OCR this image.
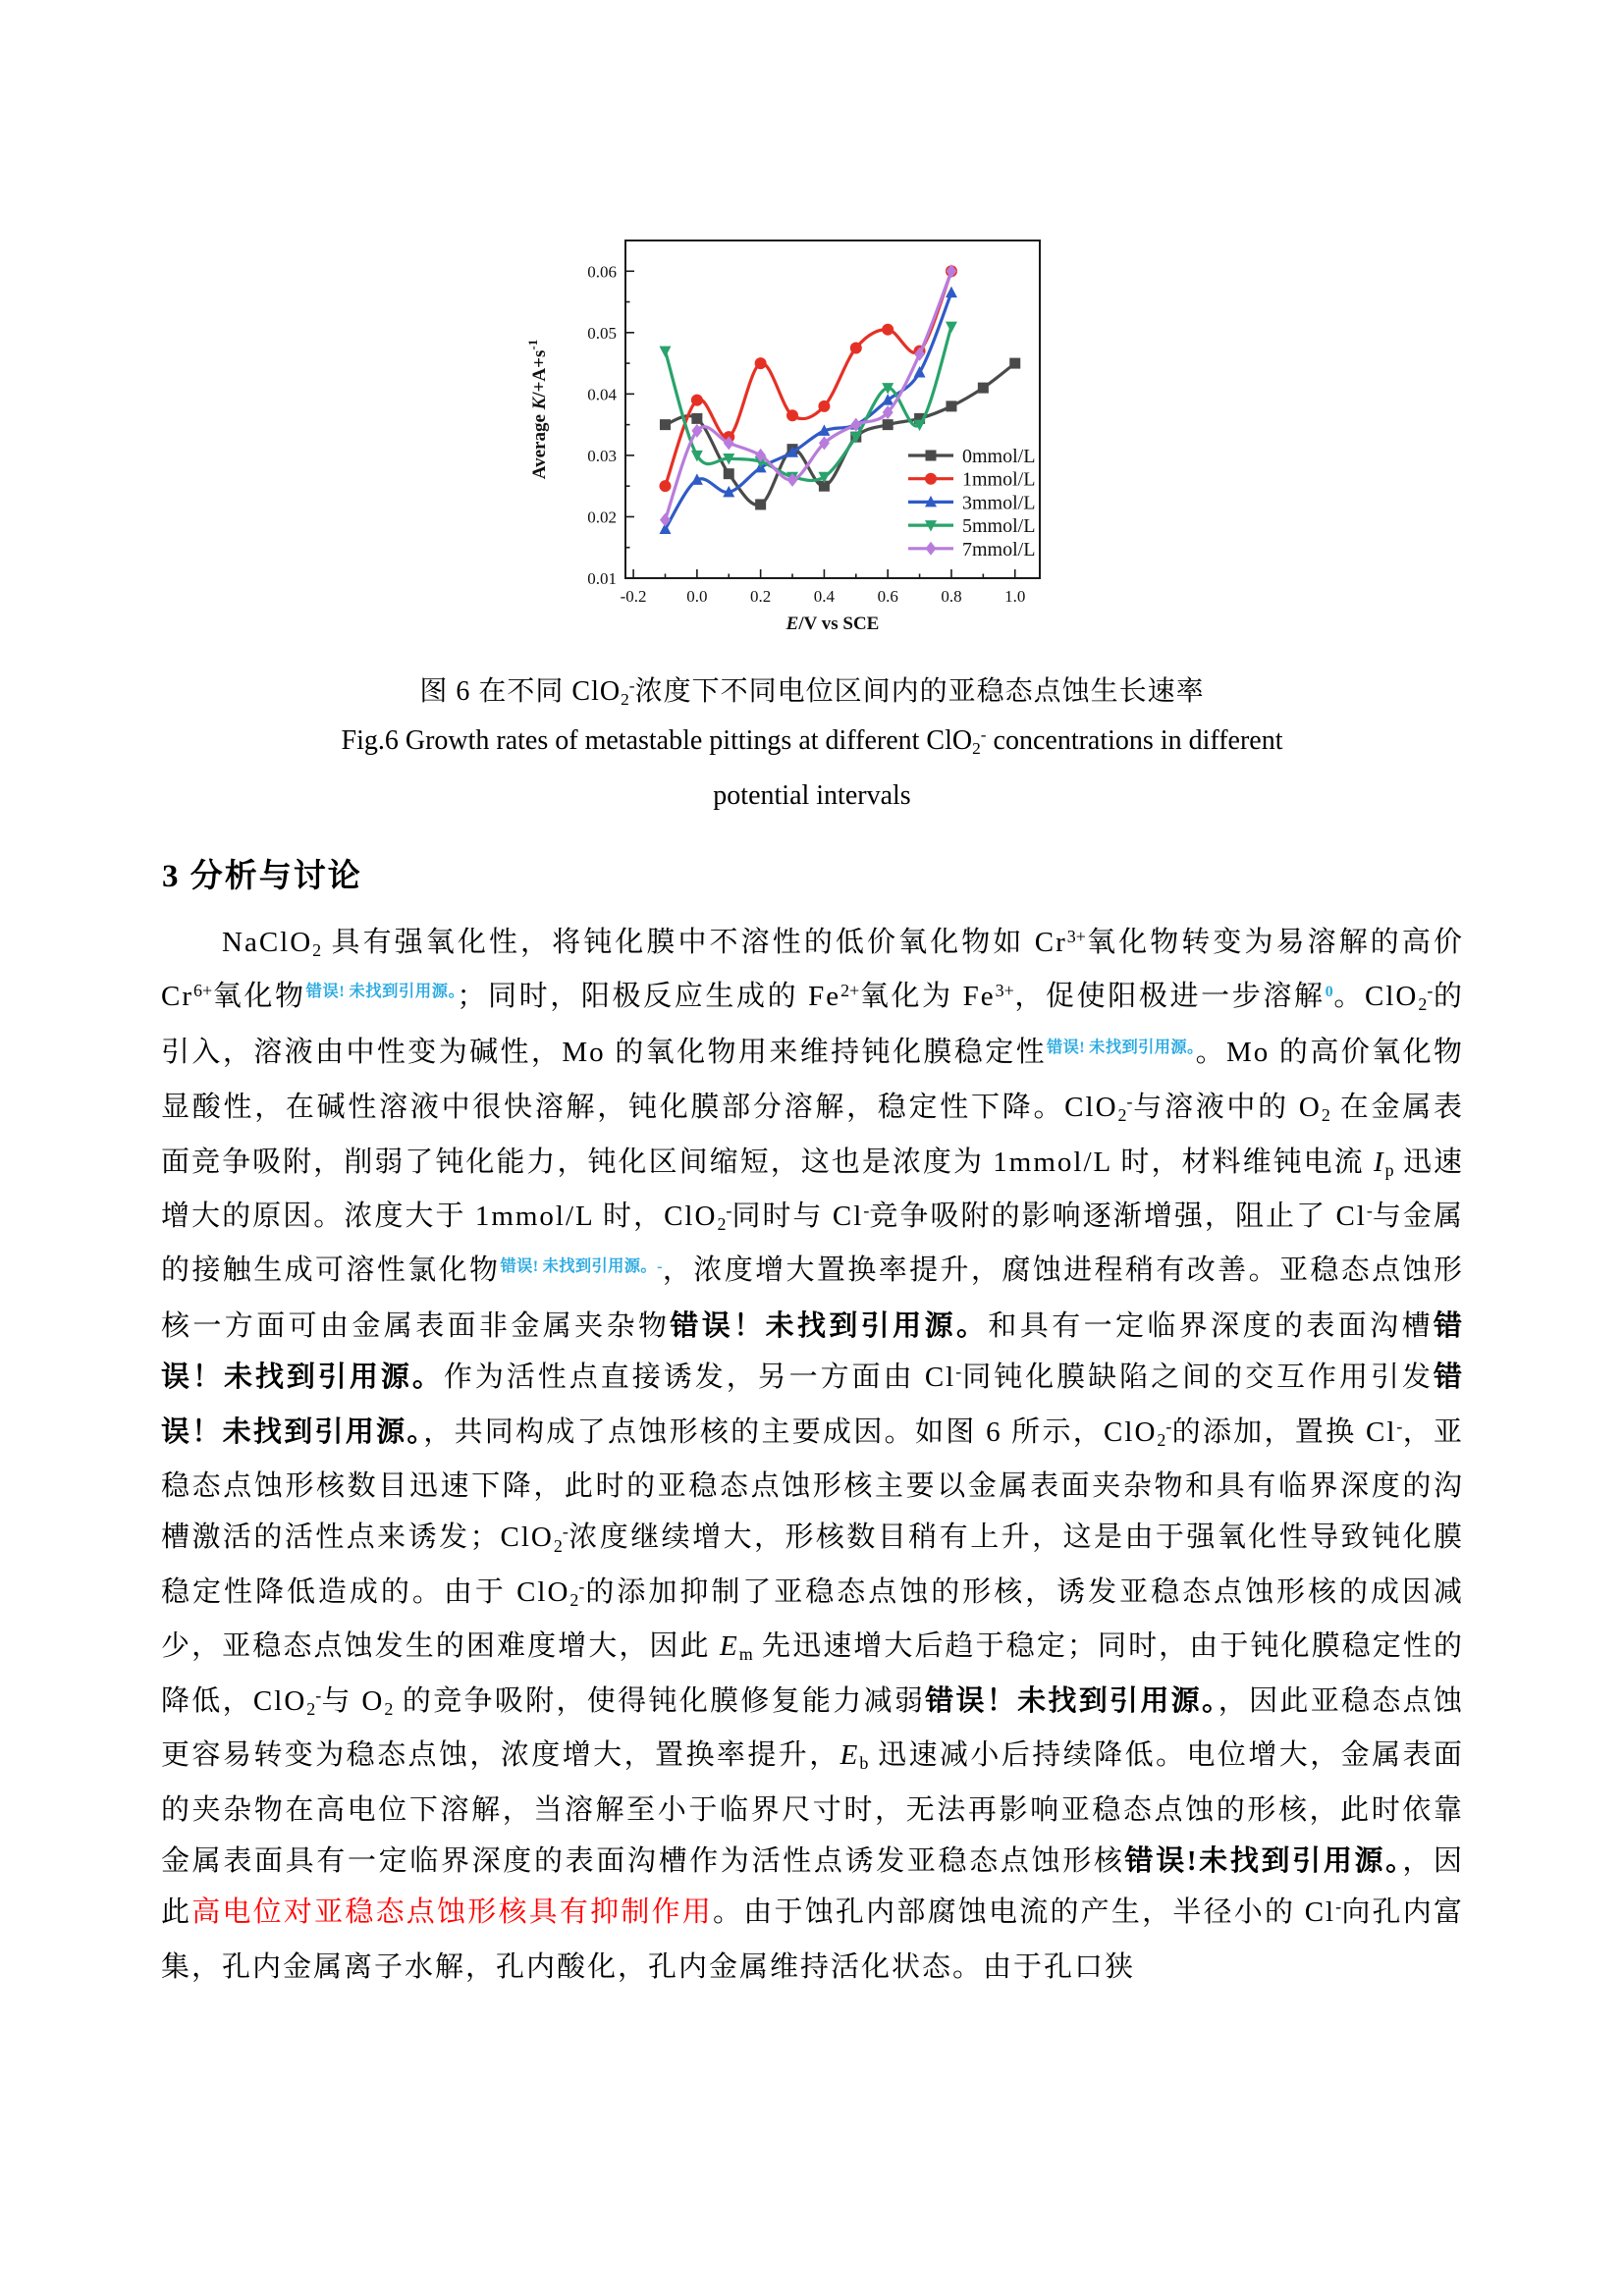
-0.2 0.0	0.2	0.4	0.6	0.8	1.0
0.01
0.02
0.03
0.04
0.05
0.06
E/V vs SCE
Average $K/+A+s^{-1}$
0mmol/L
1mmol/L
3mmol/L
5mmol/L
7mmol/L
图 6 在不同 ClO2-浓度下不同电位区间内的亚稳态点蚀生长速率
Fig.6 Growth rates of metastable pittings at different ClO2- concentrations in different
potential intervals
3 分析与讨论
NaClO2 具有强氧化性，将钝化膜中不溶性的低价氧化物如 $Cr^{3+}$氧化物转变为易溶解的高价 $Cr^{6+}$氧化物$^{错误! 未找到引用源。}$；同时，阳极反应生成的 $Fe^{2+}$氧化为 $Fe^{3+}$，促使阳极进一步溶解$^0$。ClO2-的引入，溶液由中性变为碱性，Mo 的氧化物用来维持钝化膜稳定性$^{错误! 未找到引用源。}$。Mo 的高价氧化物显酸性，在碱性溶液中很快溶解，钝化膜部分溶解，稳定性下降。ClO2-与溶液中的 O2 在金属表面竞争吸附，削弱了钝化能力，钝化区间缩短，这也是浓度为 1mmol/L 时，材料维钝电流 Ip 迅速增大的原因。浓度大于 1mmol/L 时，ClO2-同时与 Cl-竞争吸附的影响逐渐增强，阻止了 Cl-与金属的接触生成可溶性氯化物$^{错误! 未找到引用源。-}$，浓度增大置换率提升，腐蚀进程稍有改善。亚稳态点蚀形核一方面可由金属表面非金属夹杂物错误！未找到引用源。和具有一定临界深度的表面沟槽错误！未找到引用源。作为活性点直接诱发，另一方面由 Cl-同钝化膜缺陷之间的交互作用引发错误！未找到引用源。，共同构成了点蚀形核的主要成因。如图 6 所示，ClO2-的添加，置换 Cl-，亚稳态点蚀形核数目迅速下降，此时的亚稳态点蚀形核主要以金属表面夹杂物和具有临界深度的沟槽激活的活性点来诱发；ClO2-浓度继续增大，形核数目稍有上升，这是由于强氧化性导致钝化膜稳定性降低造成的。由于 ClO2-的添加抑制了亚稳态点蚀的形核，诱发亚稳态点蚀形核的成因减少，亚稳态点蚀发生的困难度增大，因此 Em 先迅速增大后趋于稳定；同时，由于钝化膜稳定性的降低，ClO2-与 O2 的竞争吸附，使得钝化膜修复能力减弱错误！未找到引用源。，因此亚稳态点蚀更容易转变为稳态点蚀，浓度增大，置换率提升，Eb 迅速减小后持续降低。电位增大，金属表面的夹杂物在高电位下溶解，当溶解至小于临界尺寸时，无法再影响亚稳态点蚀的形核，此时依靠金属表面具有一定临界深度的表面沟槽作为活性点诱发亚稳态点蚀形核错误!未找到引用源。，因此高电位对亚稳态点蚀形核具有抑制作用。由于蚀孔内部腐蚀电流的产生，半径小的 Cl-向孔内富集，孔内金属离子水解，孔内酸化，孔内金属维持活化状态。由于孔口狭
